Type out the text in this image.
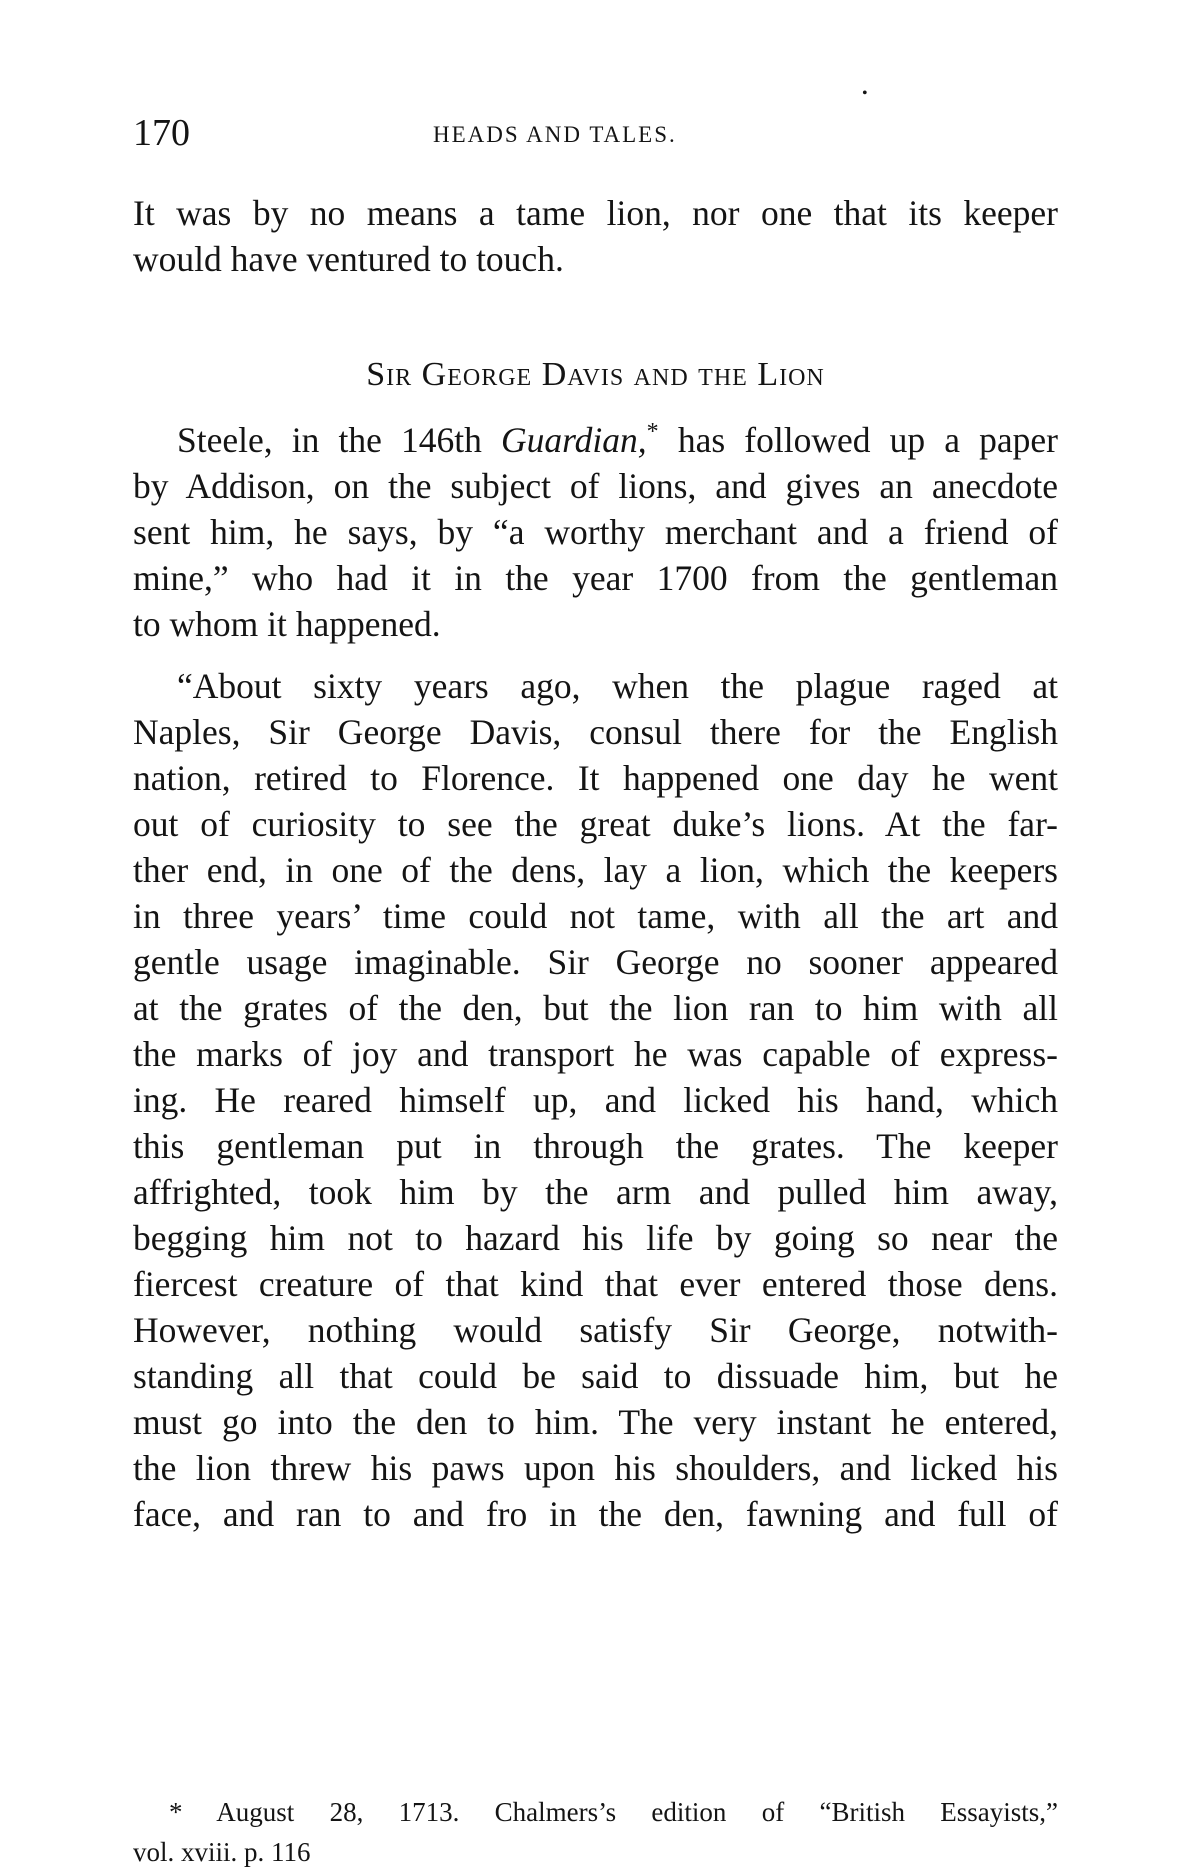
170	HEADS AND TALES.
•
It was by no means a tame lion, nor one that its keeper
would have ventured to touch.
Sir George Davis and the Lion
Steele, in the 146th Guardian,* has followed up a paper
by Addison, on the subject of lions, and gives an anecdote
sent him, he says, by “a worthy merchant and a friend of
mine,” who had it in the year 1700 from the gentleman
to whom it happened.
“About sixty years ago, when the plague raged at
Naples, Sir George Davis, consul there for the English
nation, retired to Florence. It happened one day he went
out of curiosity to see the great duke’s lions. At the far-
ther end, in one of the dens, lay a lion, which the keepers
in three years’ time could not tame, with all the art and
gentle usage imaginable. Sir George no sooner appeared
at the grates of the den, but the lion ran to him with all
the marks of joy and transport he was capable of express-
ing. He reared himself up, and licked his hand, which
this gentleman put in through the grates. The keeper
affrighted, took him by the arm and pulled him away,
begging him not to hazard his life by going so near the
fiercest creature of that kind that ever entered those dens.
However, nothing would satisfy Sir George, notwith-
standing all that could be said to dissuade him, but he
must go into the den to him. The very instant he entered,
the lion threw his paws upon his shoulders, and licked his
face, and ran to and fro in the den, fawning and full of
* August 28, 1713. Chalmers’s edition of “British Essayists,”
vol. xviii. p. 116
